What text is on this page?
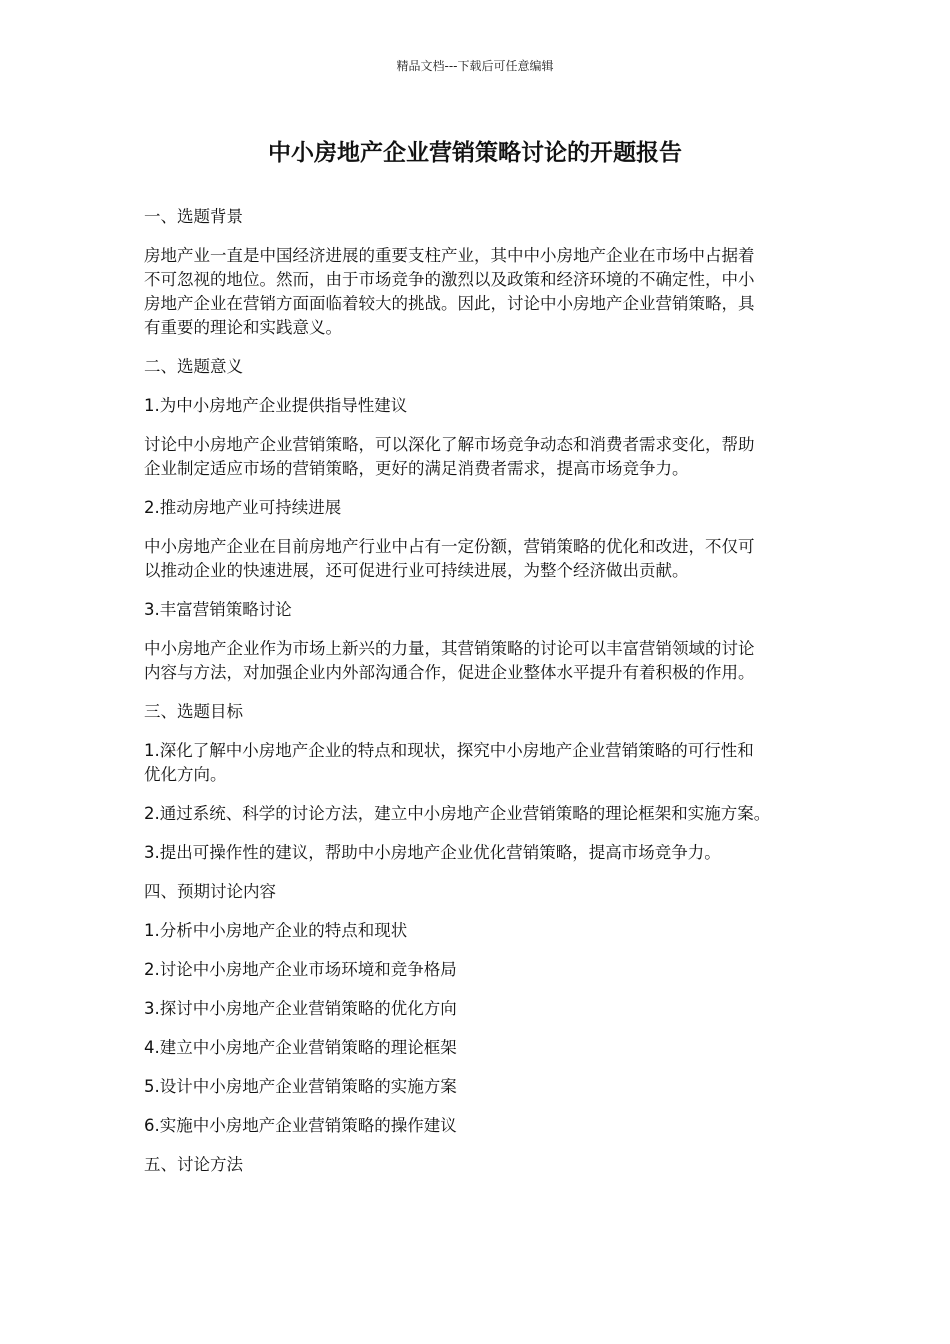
精品文档---下载后可任意编辑
中小房地产企业营销策略讨论的开题报告

一、选题背景

房地产业一直是中国经济进展的重要支柱产业，其中中小房地产企业在市场中占据着
不可忽视的地位。然而，由于市场竞争的激烈以及政策和经济环境的不确定性，中小
房地产企业在营销方面面临着较大的挑战。因此，讨论中小房地产企业营销策略，具
有重要的理论和实践意义。

二、选题意义

1.为中小房地产企业提供指导性建议

讨论中小房地产企业营销策略，可以深化了解市场竞争动态和消费者需求变化，帮助
企业制定适应市场的营销策略，更好的满足消费者需求，提高市场竞争力。

2.推动房地产业可持续进展

中小房地产企业在目前房地产行业中占有一定份额，营销策略的优化和改进，不仅可
以推动企业的快速进展，还可促进行业可持续进展，为整个经济做出贡献。

3.丰富营销策略讨论

中小房地产企业作为市场上新兴的力量，其营销策略的讨论可以丰富营销领域的讨论
内容与方法，对加强企业内外部沟通合作，促进企业整体水平提升有着积极的作用。

三、选题目标

1.深化了解中小房地产企业的特点和现状，探究中小房地产企业营销策略的可行性和
优化方向。

2.通过系统、科学的讨论方法，建立中小房地产企业营销策略的理论框架和实施方案。

3.提出可操作性的建议，帮助中小房地产企业优化营销策略，提高市场竞争力。

四、预期讨论内容

1.分析中小房地产企业的特点和现状

2.讨论中小房地产企业市场环境和竞争格局

3.探讨中小房地产企业营销策略的优化方向

4.建立中小房地产企业营销策略的理论框架

5.设计中小房地产企业营销策略的实施方案

6.实施中小房地产企业营销策略的操作建议

五、讨论方法
